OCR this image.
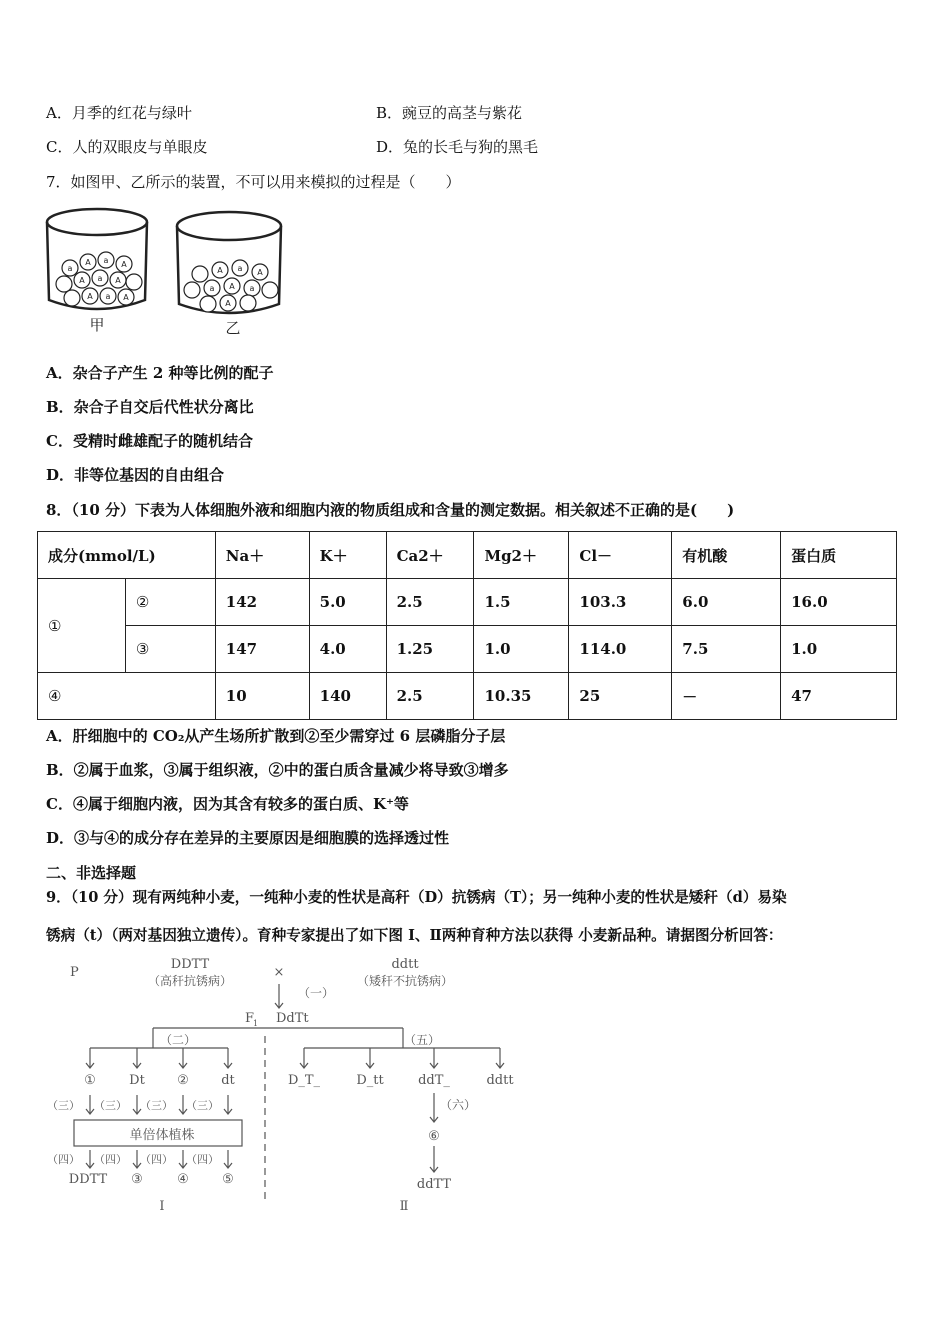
A．月季的红花与绿叶	B．豌豆的高茎与紫花
C．人的双眼皮与单眼皮	D．兔的长毛与狗的黑毛
7．如图甲、乙所示的装置，不可以用来模拟的过程是（　　）
a
A a A
A a A
A a A
甲
A a A
a A a
A
乙
A．杂合子产生 2 种等比例的配子
B．杂合子自交后代性状分离比
C．受精时雌雄配子的随机结合
D．非等位基因的自由组合
8．（10 分）下表为人体细胞外液和细胞内液的物质组成和含量的测定数据。相关叙述不正确的是(　　)
成分(mmol/L)		Na＋	K＋	Ca2＋	Mg2＋	Cl－	有机酸	蛋白质
①	②	142	5.0	2.5	1.5	103.3	6.0	16.0
	③	147	4.0	1.25	1.0	114.0	7.5	1.0
④		10	140	2.5	10.35	25	－	47
A．肝细胞中的 CO₂从产生场所扩散到②至少需穿过 6 层磷脂分子层
B．②属于血浆，③属于组织液，②中的蛋白质含量减少将导致③增多
C．④属于细胞内液，因为其含有较多的蛋白质、K⁺等
D．③与④的成分存在差异的主要原因是细胞膜的选择透过性
二、非选择题
9．（10 分）现有两纯种小麦，一纯种小麦的性状是高秆（D）抗锈病（T）；另一纯种小麦的性状是矮秆（d）易染
锈病（t）（两对基因独立遗传）。育种专家提出了如下图 I、Ⅱ两种育种方法以获得 小麦新品种。请据图分析回答：
P
DDTT
（高秆抗锈病）
×
ddtt
（矮秆不抗锈病）
（一）
F
1 DdTt
（二）	（五）
①	Dt ② dt	D_T_	D_tt	ddT_	ddtt
（三） （三） （三） （三）
单倍体植株
（四） （四） （四） （四）
DDTT ③	④	⑤
（六）
⑥
ddTT
I	Ⅱ
